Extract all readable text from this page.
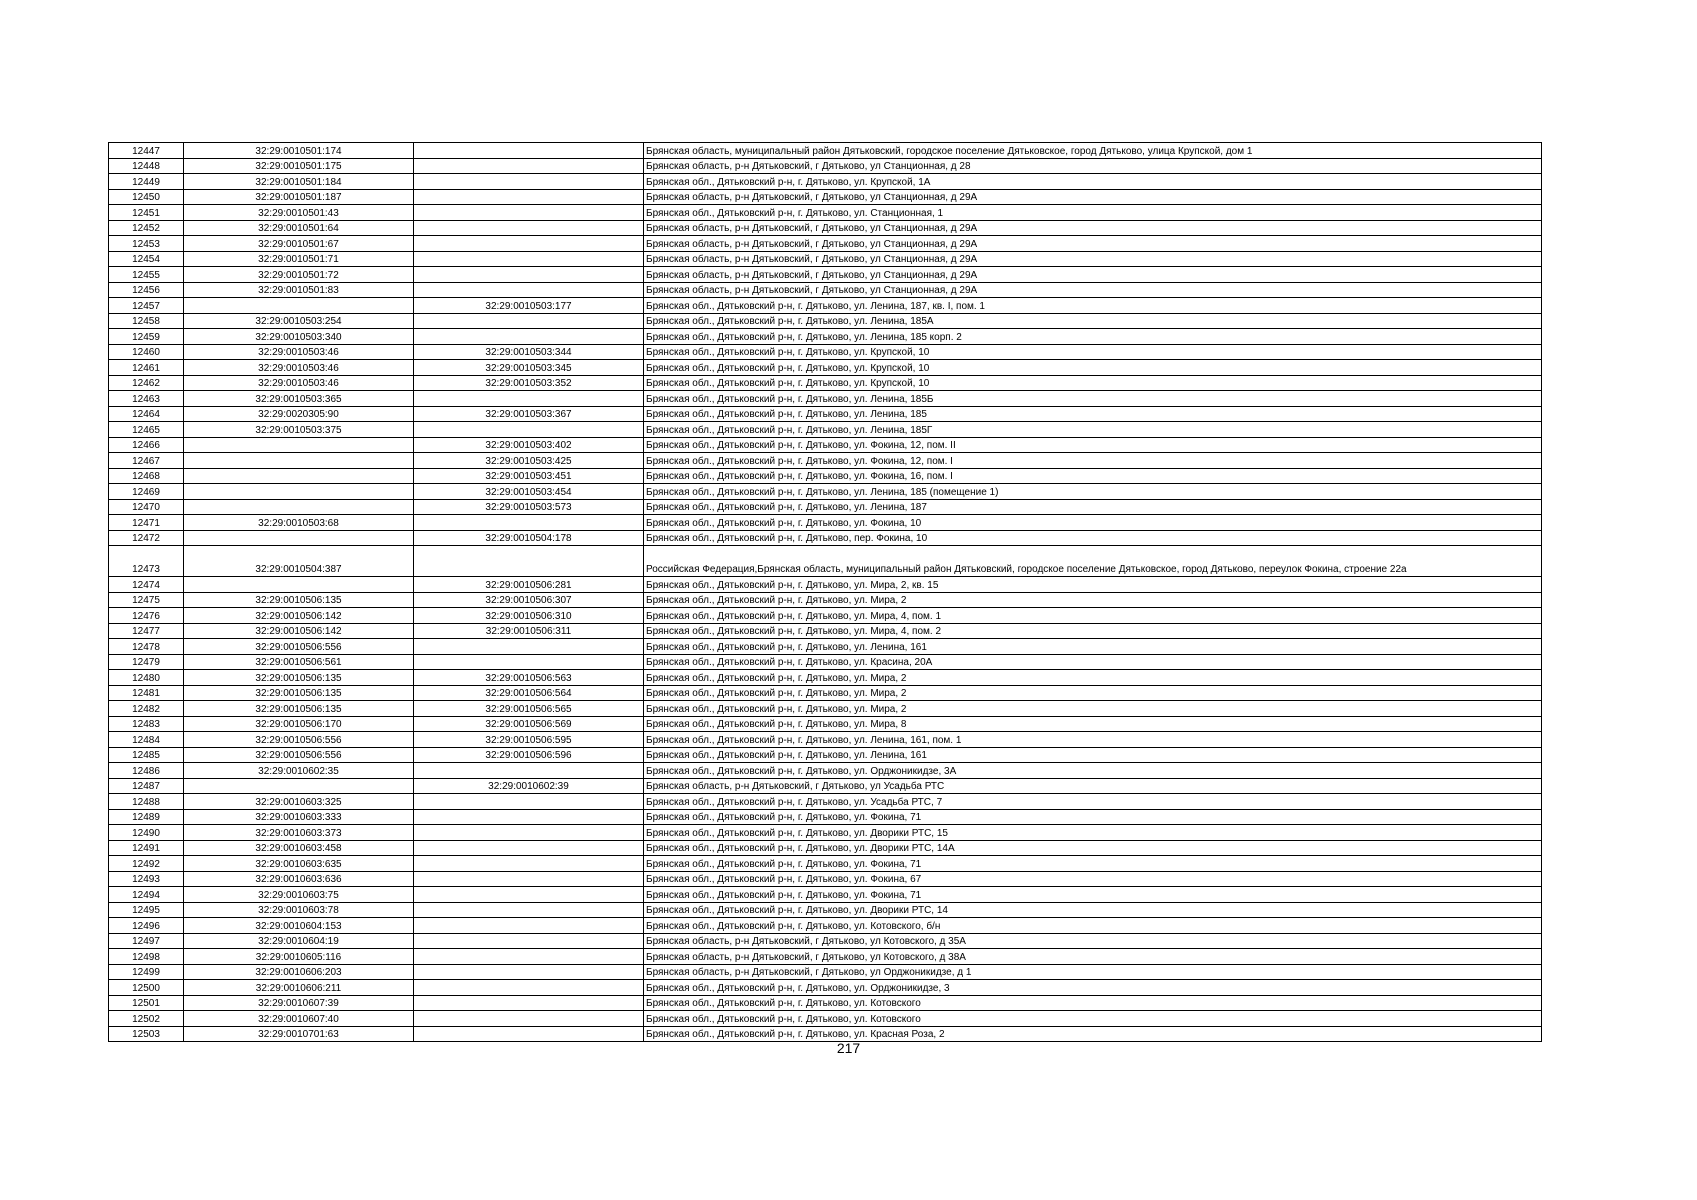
12447	32:29:0010501:174		Брянская область, муниципальный район Дятьковский, городское поселение Дятьковское, город Дятьково, улица Крупской, дом 1
12448	32:29:0010501:175		Брянская область, р-н Дятьковский, г Дятьково, ул Станционная, д 28
12449	32:29:0010501:184		Брянская обл., Дятьковский р-н, г. Дятьково, ул. Крупской, 1А
12450	32:29:0010501:187		Брянская область, р-н Дятьковский, г Дятьково, ул Станционная, д 29А
12451	32:29:0010501:43		Брянская обл., Дятьковский р-н, г. Дятьково, ул. Станционная, 1
12452	32:29:0010501:64		Брянская область, р-н Дятьковский, г Дятьково, ул Станционная, д 29А
12453	32:29:0010501:67		Брянская область, р-н Дятьковский, г Дятьково, ул Станционная, д 29А
12454	32:29:0010501:71		Брянская область, р-н Дятьковский, г Дятьково, ул Станционная, д 29А
12455	32:29:0010501:72		Брянская область, р-н Дятьковский, г Дятьково, ул Станционная, д 29А
12456	32:29:0010501:83		Брянская область, р-н Дятьковский, г Дятьково, ул Станционная, д 29А
12457		32:29:0010503:177	Брянская обл., Дятьковский р-н, г. Дятьково, ул. Ленина, 187, кв. I, пом. 1
12458	32:29:0010503:254		Брянская обл., Дятьковский р-н, г. Дятьково, ул. Ленина, 185А
12459	32:29:0010503:340		Брянская обл., Дятьковский р-н, г. Дятьково, ул. Ленина, 185 корп. 2
12460	32:29:0010503:46	32:29:0010503:344	Брянская обл., Дятьковский р-н, г. Дятьково, ул. Крупской, 10
12461	32:29:0010503:46	32:29:0010503:345	Брянская обл., Дятьковский р-н, г. Дятьково, ул. Крупской, 10
12462	32:29:0010503:46	32:29:0010503:352	Брянская обл., Дятьковский р-н, г. Дятьково, ул. Крупской, 10
12463	32:29:0010503:365		Брянская обл., Дятьковский р-н, г. Дятьково, ул. Ленина, 185Б
12464	32:29:0020305:90	32:29:0010503:367	Брянская обл., Дятьковский р-н, г. Дятьково, ул. Ленина, 185
12465	32:29:0010503:375		Брянская обл., Дятьковский р-н, г. Дятьково, ул. Ленина, 185Г
12466		32:29:0010503:402	Брянская обл., Дятьковский р-н, г. Дятьково, ул. Фокина, 12, пом. II
12467		32:29:0010503:425	Брянская обл., Дятьковский р-н, г. Дятьково, ул. Фокина, 12, пом. I
12468		32:29:0010503:451	Брянская обл., Дятьковский р-н, г. Дятьково, ул. Фокина, 16, пом. I
12469		32:29:0010503:454	Брянская обл., Дятьковский р-н, г. Дятьково, ул. Ленина, 185 (помещение 1)
12470		32:29:0010503:573	Брянская обл., Дятьковский р-н, г. Дятьково, ул. Ленина, 187
12471	32:29:0010503:68		Брянская обл., Дятьковский р-н, г. Дятьково, ул. Фокина, 10
12472		32:29:0010504:178	Брянская обл., Дятьковский р-н, г. Дятьково, пер. Фокина, 10
12473	32:29:0010504:387		Российская Федерация,Брянская область, муниципальный район Дятьковский, городское поселение Дятьковское, город Дятьково, переулок Фокина, строение 22а
12474		32:29:0010506:281	Брянская обл., Дятьковский р-н, г. Дятьково, ул. Мира, 2, кв. 15
12475	32:29:0010506:135	32:29:0010506:307	Брянская обл., Дятьковский р-н, г. Дятьково, ул. Мира, 2
12476	32:29:0010506:142	32:29:0010506:310	Брянская обл., Дятьковский р-н, г. Дятьково, ул. Мира, 4, пом. 1
12477	32:29:0010506:142	32:29:0010506:311	Брянская обл., Дятьковский р-н, г. Дятьково, ул. Мира, 4, пом. 2
12478	32:29:0010506:556		Брянская обл., Дятьковский р-н, г. Дятьково, ул. Ленина, 161
12479	32:29:0010506:561		Брянская обл., Дятьковский р-н, г. Дятьково, ул. Красина, 20А
12480	32:29:0010506:135	32:29:0010506:563	Брянская обл., Дятьковский р-н, г. Дятьково, ул. Мира, 2
12481	32:29:0010506:135	32:29:0010506:564	Брянская обл., Дятьковский р-н, г. Дятьково, ул. Мира, 2
12482	32:29:0010506:135	32:29:0010506:565	Брянская обл., Дятьковский р-н, г. Дятьково, ул. Мира, 2
12483	32:29:0010506:170	32:29:0010506:569	Брянская обл., Дятьковский р-н, г. Дятьково, ул. Мира, 8
12484	32:29:0010506:556	32:29:0010506:595	Брянская обл., Дятьковский р-н, г. Дятьково, ул. Ленина, 161, пом. 1
12485	32:29:0010506:556	32:29:0010506:596	Брянская обл., Дятьковский р-н, г. Дятьково, ул. Ленина, 161
12486	32:29:0010602:35		Брянская обл., Дятьковский р-н, г. Дятьково, ул. Орджоникидзе, 3А
12487		32:29:0010602:39	Брянская область, р-н Дятьковский, г Дятьково, ул Усадьба РТС
12488	32:29:0010603:325		Брянская обл., Дятьковский р-н, г. Дятьково, ул. Усадьба РТС, 7
12489	32:29:0010603:333		Брянская обл., Дятьковский р-н, г. Дятьково, ул. Фокина, 71
12490	32:29:0010603:373		Брянская обл., Дятьковский р-н, г. Дятьково, ул. Дворики РТС, 15
12491	32:29:0010603:458		Брянская обл., Дятьковский р-н, г. Дятьково, ул. Дворики РТС, 14А
12492	32:29:0010603:635		Брянская обл., Дятьковский р-н, г. Дятьково, ул. Фокина, 71
12493	32:29:0010603:636		Брянская обл., Дятьковский р-н, г. Дятьково, ул. Фокина, 67
12494	32:29:0010603:75		Брянская обл., Дятьковский р-н, г. Дятьково, ул. Фокина, 71
12495	32:29:0010603:78		Брянская обл., Дятьковский р-н, г. Дятьково, ул. Дворики РТС, 14
12496	32:29:0010604:153		Брянская обл., Дятьковский р-н, г. Дятьково, ул. Котовского, б/н
12497	32:29:0010604:19		Брянская область, р-н Дятьковский, г Дятьково, ул Котовского, д 35А
12498	32:29:0010605:116		Брянская область, р-н Дятьковский, г Дятьково, ул Котовского, д 38А
12499	32:29:0010606:203		Брянская область, р-н Дятьковский, г Дятьково, ул Орджоникидзе, д 1
12500	32:29:0010606:211		Брянская обл., Дятьковский р-н, г. Дятьково, ул. Орджоникидзе, 3
12501	32:29:0010607:39		Брянская обл., Дятьковский р-н, г. Дятьково, ул. Котовского
12502	32:29:0010607:40		Брянская обл., Дятьковский р-н, г. Дятьково, ул. Котовского
12503	32:29:0010701:63		Брянская обл., Дятьковский р-н, г. Дятьково, ул. Красная Роза, 2
217
